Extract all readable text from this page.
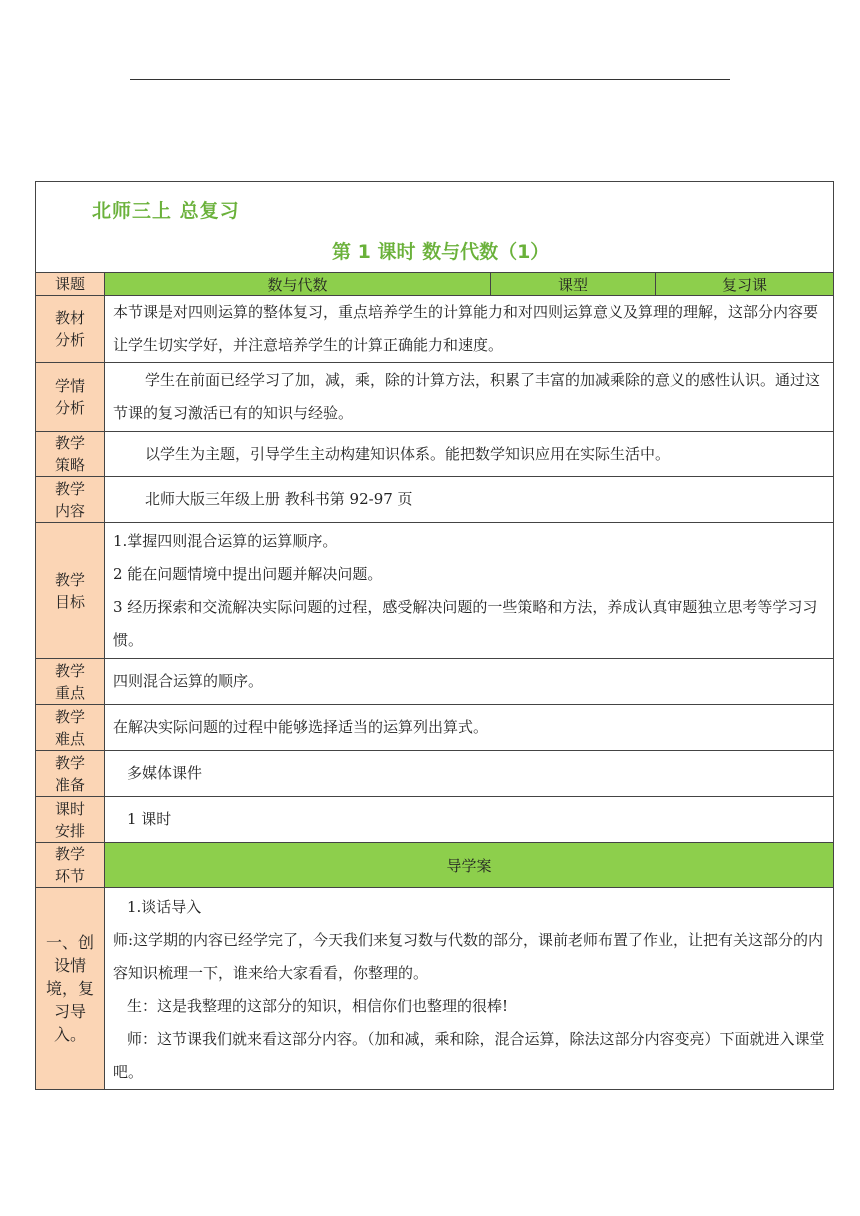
北师三上 总复习
第 1 课时 数与代数（1）			

课题	数与代数	课型	复习课
教材分析	本节课是对四则运算的整体复习，重点培养学生的计算能力和对四则运算意义及算理的理解，这部分内容要让学生切实学好，并注意培养学生的计算正确能力和速度。		
学情分析	学生在前面已经学习了加，减，乘，除的计算方法，积累了丰富的加减乘除的意义的感性认识。通过这节课的复习激活已有的知识与经验。		
教学策略	以学生为主题，引导学生主动构建知识体系。能把数学知识应用在实际生活中。		
教学内容	北师大版三年级上册 教科书第 92-97 页		
教学目标	1.掌握四则混合运算的运算顺序。
2 能在问题情境中提出问题并解决问题。
3 经历探索和交流解决实际问题的过程，感受解决问题的一些策略和方法，养成认真审题独立思考等学习习惯。		

教学重点	四则混合运算的顺序。		
教学难点	在解决实际问题的过程中能够选择适当的运算列出算式。		
教学准备	多媒体课件		
课时安排	1 课时		
教学环节	导学案		
一、创设情境，复习导入。	1.谈话导入
师:这学期的内容已经学完了，今天我们来复习数与代数的部分，课前老师布置了作业，让把有关这部分的内容知识梳理一下，谁来给大家看看，你整理的。
生：这是我整理的这部分的知识，相信你们也整理的很棒!
师：这节课我们就来看这部分内容。（加和减，乘和除，混合运算，除法这部分内容变亮）下面就进入课堂吧。		
